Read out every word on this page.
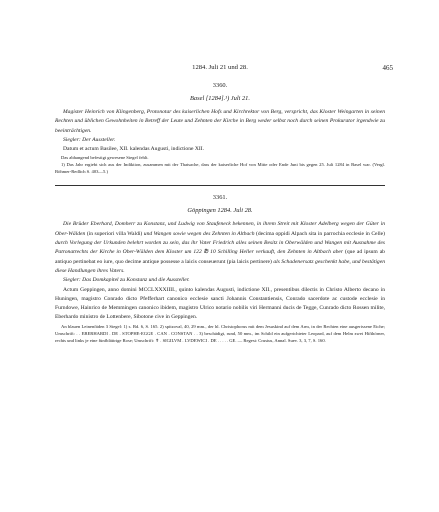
1284. Juli 21 und 28.	465
3360.
Basel [1284].¹) Juli 21.

Magister Heinrich von Klingenberg, Protonotar des kaiserlichen Hofs und Kirchrektor von Berg, verspricht, das Kloster Weingarten in seinen Rechten und üblichen Gewohnheiten in Betreff der Leute und Zehnten der Kirche in Berg weder selbst noch durch seinen Prokurator irgendwie zu beeinträchtigen.

Siegler: Der Aussteller.

Datum et actum Basilee, XII. kalendas Augusti, indictione XII.

Das abhangend befestigt gewesene Siegel fehlt.

1) Das Jahr ergiebt sich aus der Indiktion, zusammen mit der Thatsache, dass der kaiserliche Hof von Mitte oder Ende Juni bis gegen 25. Juli 1284 in Basel war. (Vergl. Böhmer-Redlich S. 403—5.)

3361.
Göppingen 1284. Juli 28.

Die Brüder Eberhard, Domherr zu Konstanz, und Ludwig von Staufeneck bekennen, in ihrem Streit mit Kloster Adelberg wegen der Güter in Ober-Wälden (in superiori villa Waldi) und Wangen sowie wegen des Zehnten in Altbach (decima oppidi Alpach sita in parrochia ecclesie in Celle) durch Vorlegung der Urkunden belehrt worden zu sein, das ihr Vater Friedrich alles seinen Besitz in Oberwälden und Wangen mit Ausnahme des Patronatrechts der Kirche in Ober-Wälden dem Kloster um 122 ℔ 10 Schilling Heller verkauft, den Zehnten in Altbach aber (que ad ipsum ab antiquo pertinebat eo iure, quo decime antique possesse a laicis conseuerunt (pia laicis pertinere) als Schadenersatz geschenkt habe, und bestätigen diese Handlungen ihres Vaters.

Siegler: Das Domkapitel zu Konstanz und die Aussteller.

Actum Geppingen, anno domini MCCLXXXIIII., quinto kalendas Augusti, indictione XII., presentibus dilectis in Christo Alberto decano in Huningen, magistro Conrado dicto Pfefferhart canonico ecclesie sancti Johannis Constantiensis, Conrado sacerdote ac custode ecclesie in Furndowe, Hainrico de Memmingen canonico ibidem, magistro Ulrico notario nobilis viri Hermanni ducis de Tegge, Cunrado dicto Rossen milite, Eberhardo ministro de Lottenbere, Sibotone cive in Geppingen.

An blauen Leinenfäden 3 Siegel: 1) s. Bd. 6, S. 165. 2) spitzoval, 40, 29 mm., der hl. Christophorus mit dem Jesuskind auf dem Arm, in der Rechten eine ausgerissene Eiche; Umschrift: . . EBERHARDI . DE . STOPHE-EGGE . CAN . CONSTAN . . 3) beschädigt, rund, 50 mm., im Schild ein aufgerichteter Leopard, auf dem Helm zwei Hifthörner, rechts und links je eine fünfblättrige Rose; Umschrift: ✝ . SIGILVM . LVDEWICI . DE . . . . . GE. — Regest: Crusius, Annal. Suev. 3, 3, 7, S. 160.
